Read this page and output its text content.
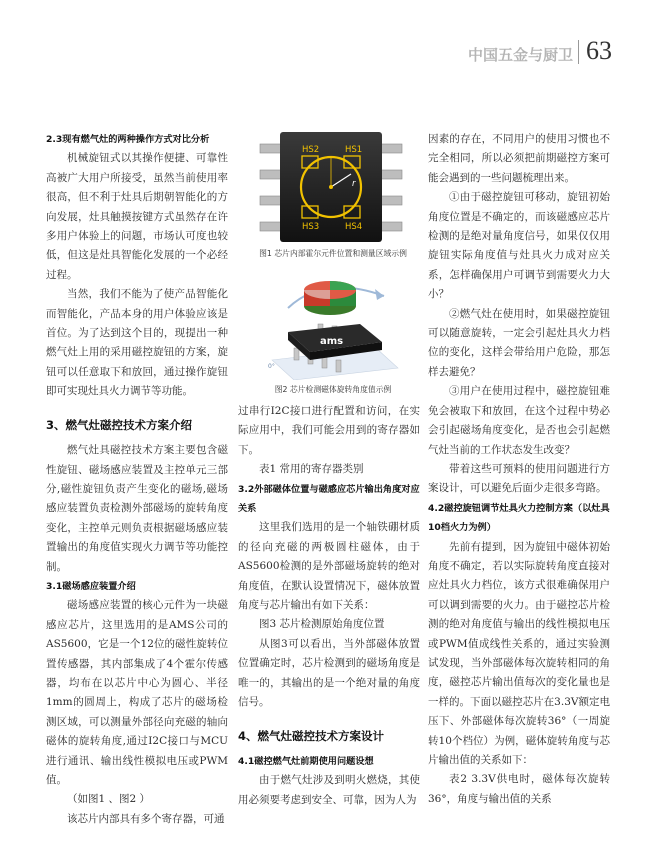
中国五金与厨卫 63

2.3现有燃气灶的两种操作方式对比分析

机械旋钮式以其操作便捷、可靠性高被广大用户所接受，虽然当前使用率很高，但不利于灶具后期朝智能化的方向发展，灶具触摸按键方式虽然存在许多用户体验上的问题，市场认可度也较低，但这是灶具智能化发展的一个必经过程。

当然，我们不能为了使产品智能化而智能化，产品本身的用户体验应该是首位。为了达到这个目的，现提出一种燃气灶上用的采用磁控旋钮的方案，旋钮可以任意取下和放回，通过操作旋钮即可实现灶具火力调节等功能。

3、燃气灶磁控技术方案介绍

燃气灶具磁控技术方案主要包含磁性旋钮、磁场感应装置及主控单元三部分,磁性旋钮负责产生变化的磁场,磁场感应装置负责检测外部磁场的旋转角度变化，主控单元则负责根据磁场感应装置输出的角度值实现火力调节等功能控制。

3.1磁场感应装置介绍

磁场感应装置的核心元件为一块磁感应芯片，这里选用的是AMS公司的AS5600，它是一个12位的磁性旋转位置传感器，其内部集成了4个霍尔传感器，均布在以芯片中心为圆心、半径1mm的圆周上，构成了芯片的磁场检测区域，可以测量外部径向充磁的轴向磁体的旋转角度,通过I2C接口与MCU进行通讯、输出线性模拟电压或PWM值。

（如图1 、图2 ）

该芯片内部具有多个寄存器，可通

HS2	HS1
HS3	HS4
r
图1 芯片内部霍尔元件位置和测量区域示例
ams
0°
图2 芯片检测磁体旋转角度值示例

过串行I2C接口进行配置和访问，在实际应用中，我们可能会用到的寄存器如下。

表1 常用的寄存器类别

3.2外部磁体位置与磁感应芯片输出角度对应关系

这里我们选用的是一个轴铁硼材质的径向充磁的两极圆柱磁体，由于AS5600检测的是外部磁场旋转的绝对角度值，在默认设置情况下，磁体放置角度与芯片输出有如下关系：

图3 芯片检测原始角度位置

从图3可以看出，当外部磁体放置位置确定时，芯片检测到的磁场角度是唯一的，其输出的是一个绝对量的角度信号。

4、燃气灶磁控技术方案设计

4.1磁控燃气灶前期使用问题设想

由于燃气灶涉及到明火燃烧，其使用必须要考虑到安全、可靠，因为人为

因素的存在，不同用户的使用习惯也不完全相同，所以必须把前期磁控方案可能会遇到的一些问题梳理出来。

①由于磁控旋钮可移动，旋钮初始角度位置是不确定的，而该磁感应芯片检测的是绝对量角度信号，如果仅仅用旋钮实际角度值与灶具火力成对应关系，怎样确保用户可调节到需要火力大小？

②燃气灶在使用时，如果磁控旋钮可以随意旋转，一定会引起灶具火力档位的变化，这样会带给用户危险，那怎样去避免？

③用户在使用过程中，磁控旋钮难免会被取下和放回，在这个过程中势必会引起磁场角度变化，是否也会引起燃气灶当前的工作状态发生改变？

带着这些可预料的使用问题进行方案设计，可以避免后面少走很多弯路。

4.2磁控旋钮调节灶具火力控制方案（以灶具10档火力为例）

先前有提到，因为旋钮中磁体初始角度不确定，若以实际旋转角度直接对应灶具火力档位，该方式很难确保用户可以调到需要的火力。由于磁控芯片检测的绝对角度值与输出的线性模拟电压或PWM值成线性关系的，通过实验测试发现，当外部磁体每次旋转相同的角度，磁控芯片输出值每次的变化量也是一样的。下面以磁控芯片在3.3V额定电压下、外部磁体每次旋转36°（一周旋转10个档位）为例，磁体旋转角度与芯片输出值的关系如下：

表2 3.3V供电时，磁体每次旋转36°，角度与输出值的关系
